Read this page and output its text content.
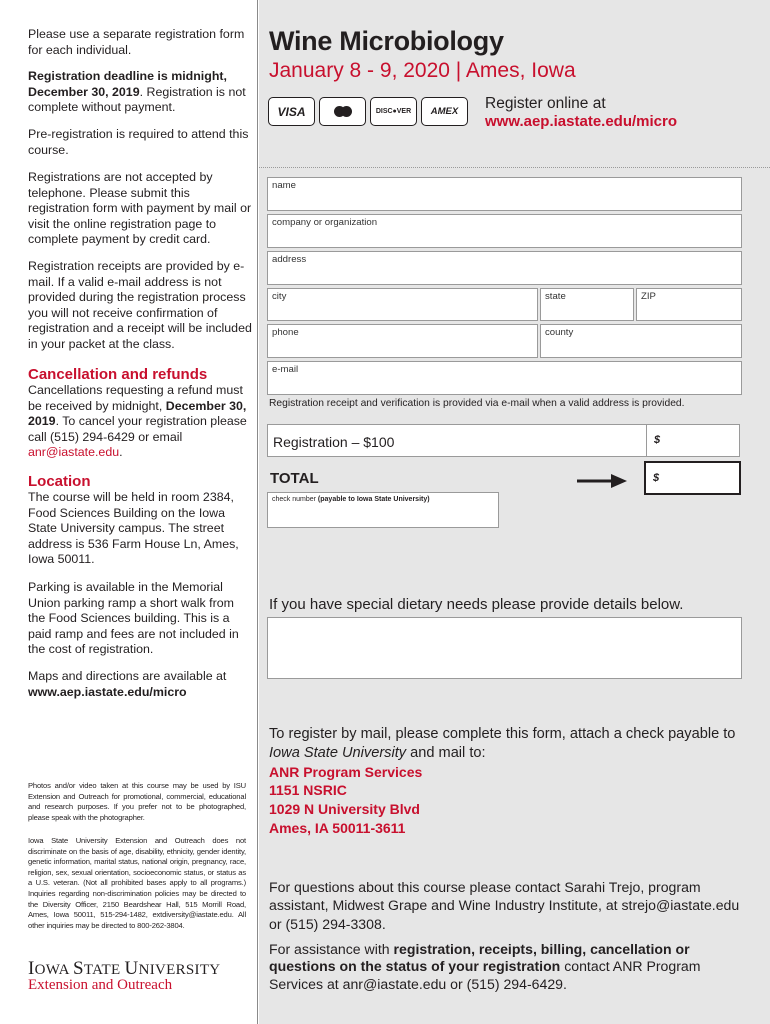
Please use a separate registration form for each individual.
Registration deadline is midnight, December 30, 2019. Registration is not complete without payment.
Pre-registration is required to attend this course.
Registrations are not accepted by telephone. Please submit this registration form with payment by mail or visit the online registration page to complete payment by credit card.
Registration receipts are provided by e-mail. If a valid e-mail address is not provided during the registration process you will not receive confirmation of registration and a receipt will be included in your packet at the class.
Cancellation and refunds
Cancellations requesting a refund must be received by midnight, December 30, 2019. To cancel your registration please call (515) 294-6429 or email anr@iastate.edu.
Location
The course will be held in room 2384, Food Sciences Building on the Iowa State University campus. The street address is 536 Farm House Ln, Ames, Iowa 50011.
Parking is available in the Memorial Union parking ramp a short walk from the Food Sciences building. This is a paid ramp and fees are not included in the cost of registration.
Maps and directions are available at
www.aep.iastate.edu/micro
Photos and/or video taken at this course may be used by ISU Extension and Outreach for promotional, commercial, educational and research purposes. If you prefer not to be photographed, please speak with the photographer.
Iowa State University Extension and Outreach does not discriminate on the basis of age, disability, ethnicity, gender identity, genetic information, marital status, national origin, pregnancy, race, religion, sex, sexual orientation, socioeconomic status, or status as a U.S. veteran. (Not all prohibited bases apply to all programs.) Inquiries regarding non-discrimination policies may be directed to the Diversity Officer, 2150 Beardshear Hall, 515 Morrill Road, Ames, Iowa 50011, 515-294-1482, extdiversity@iastate.edu. All other inquiries may be directed to 800-262-3804.
IOWA STATE UNIVERSITY
Extension and Outreach
Wine Microbiology
January 8 - 9, 2020 | Ames, Iowa
VISA	DISC●VER	AMEX	Register online at
www.aep.iastate.edu/micro
name
company or organization
address
city	state	ZIP
phone	county
e-mail
Registration receipt and verification is provided via e-mail when a valid address is provided.
Registration – $100	$
TOTAL	$
check number (payable to Iowa State University)
If you have special dietary needs please provide details below.
To register by mail, please complete this form, attach a check payable to Iowa State University and mail to:
ANR Program Services
1151 NSRIC
1029 N University Blvd
Ames, IA 50011-3611
For questions about this course please contact Sarahi Trejo, program assistant, Midwest Grape and Wine Industry Institute, at strejo@iastate.edu or (515) 294-3308.
For assistance with registration, receipts, billing, cancellation or questions on the status of your registration contact ANR Program Services at anr@iastate.edu or (515) 294-6429.
